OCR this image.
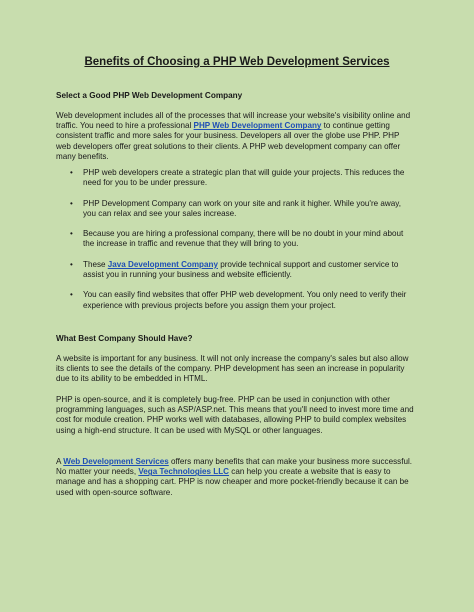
Benefits of Choosing a PHP Web Development Services
Select a Good PHP Web Development Company
Web development includes all of the processes that will increase your website's visibility online and traffic. You need to hire a professional PHP Web Development Company to continue getting consistent traffic and more sales for your business. Developers all over the globe use PHP. PHP web developers offer great solutions to their clients. A PHP web development company can offer many benefits.
• PHP web developers create a strategic plan that will guide your projects. This reduces the need for you to be under pressure.
• PHP Development Company can work on your site and rank it higher. While you're away, you can relax and see your sales increase.
• Because you are hiring a professional company, there will be no doubt in your mind about the increase in traffic and revenue that they will bring to you.
• These Java Development Company provide technical support and customer service to assist you in running your business and website efficiently.
• You can easily find websites that offer PHP web development. You only need to verify their experience with previous projects before you assign them your project.
What Best Company Should Have?
A website is important for any business. It will not only increase the company's sales but also allow its clients to see the details of the company. PHP development has seen an increase in popularity due to its ability to be embedded in HTML.
PHP is open-source, and it is completely bug-free. PHP can be used in conjunction with other programming languages, such as ASP/ASP.net. This means that you'll need to invest more time and cost for module creation. PHP works well with databases, allowing PHP to build complex websites using a high-end structure. It can be used with MySQL or other languages.
A Web Development Services offers many benefits that can make your business more successful. No matter your needs, Vega Technologies LLC can help you create a website that is easy to manage and has a shopping cart. PHP is now cheaper and more pocket-friendly because it can be used with open-source software.
